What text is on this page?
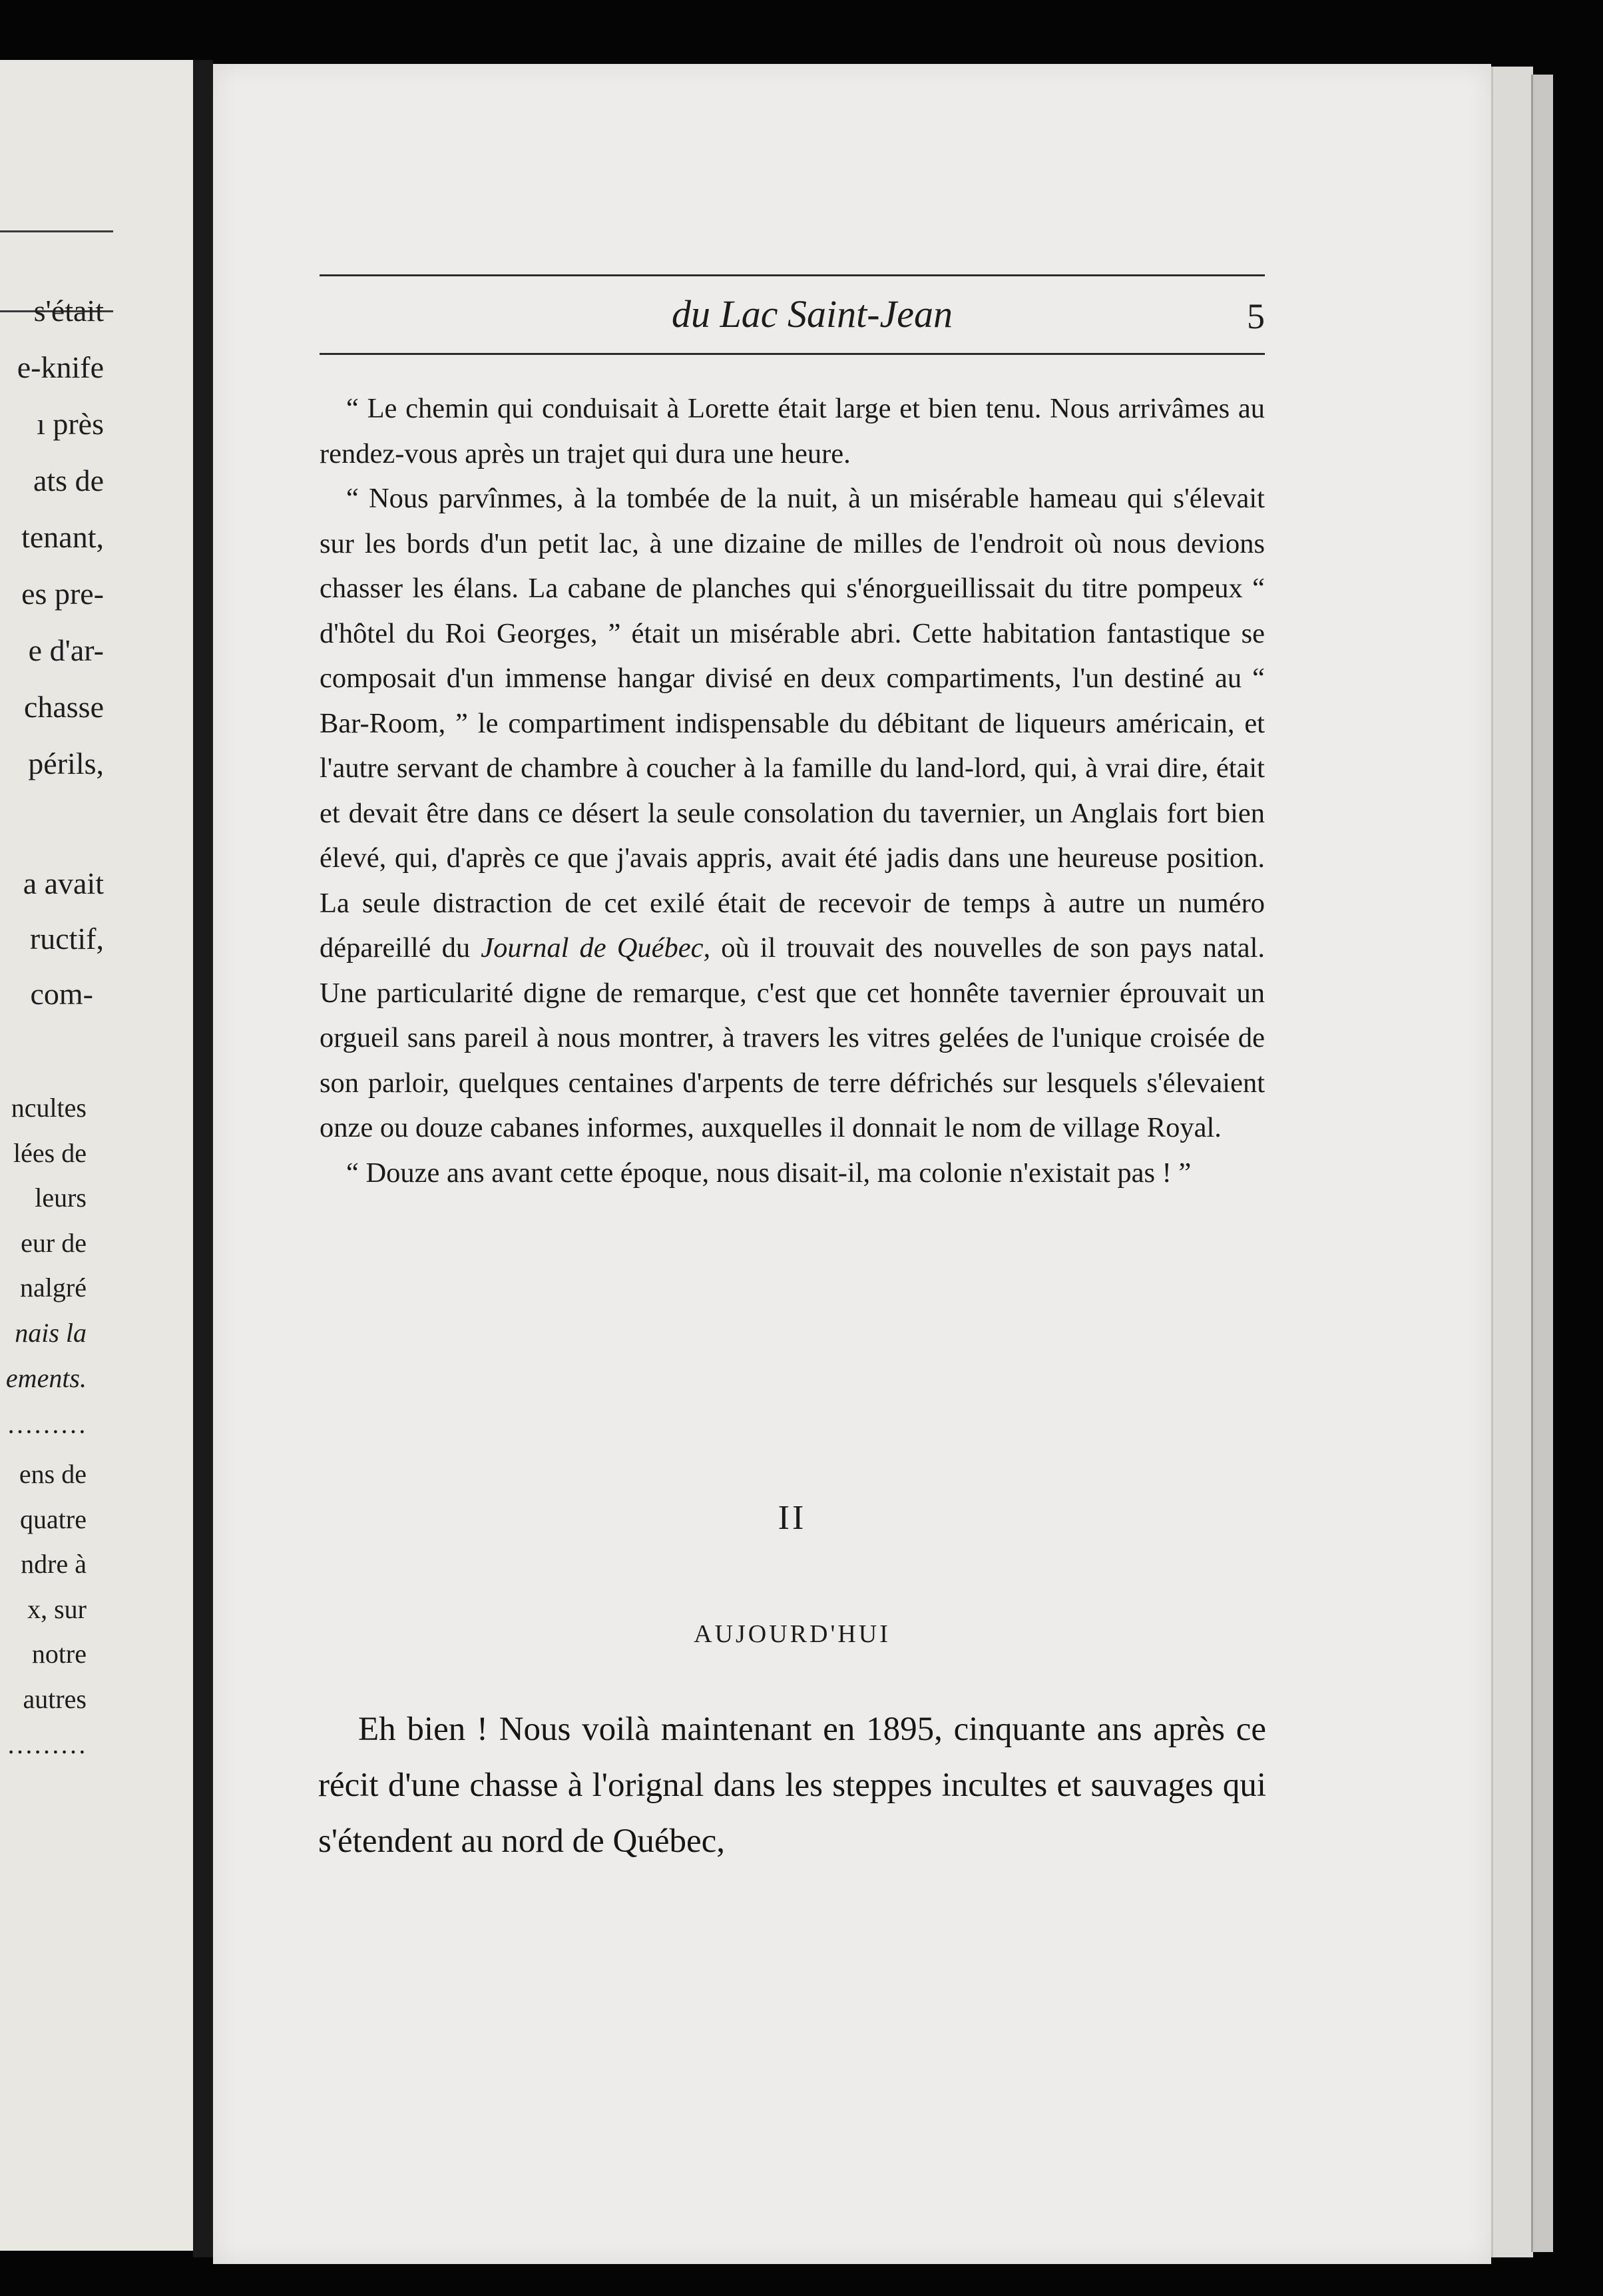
s'était
e-knife
ı près
ats de
tenant,
es pre-
e d'ar-
chasse
périls,
a avait
ructif,
com-
ncultes
lées de
leurs
eur de
nalgré
nais la
ements.
………
ens de
quatre
ndre à
x, sur
notre
autres
………
du Lac Saint-Jean	5

“ Le chemin qui conduisait à Lorette était large et bien tenu. Nous arrivâmes au rendez-vous après un trajet qui dura une heure.

“ Nous parvînmes, à la tombée de la nuit, à un misérable hameau qui s'élevait sur les bords d'un petit lac, à une dizaine de milles de l'endroit où nous devions chasser les élans. La cabane de planches qui s'énorgueillissait du titre pompeux “ d'hôtel du Roi Georges, ” était un misérable abri. Cette habitation fantastique se composait d'un immense hangar divisé en deux compartiments, l'un destiné au “ Bar-Room, ” le compartiment indispensable du débitant de liqueurs américain, et l'autre servant de chambre à coucher à la famille du land-lord, qui, à vrai dire, était et devait être dans ce désert la seule consolation du tavernier, un Anglais fort bien élevé, qui, d'après ce que j'avais appris, avait été jadis dans une heureuse position. La seule distraction de cet exilé était de recevoir de temps à autre un numéro dépareillé du Journal de Québec, où il trouvait des nouvelles de son pays natal. Une particularité digne de remarque, c'est que cet honnête tavernier éprouvait un orgueil sans pareil à nous montrer, à travers les vitres gelées de l'unique croisée de son parloir, quelques centaines d'arpents de terre défrichés sur lesquels s'élevaient onze ou douze cabanes informes, auxquelles il donnait le nom de village Royal.

“ Douze ans avant cette époque, nous disait-il, ma colonie n'existait pas ! ”

II
AUJOURD'HUI

Eh bien ! Nous voilà maintenant en 1895, cinquante ans après ce récit d'une chasse à l'orignal dans les steppes incultes et sauvages qui s'étendent au nord de Québec,
